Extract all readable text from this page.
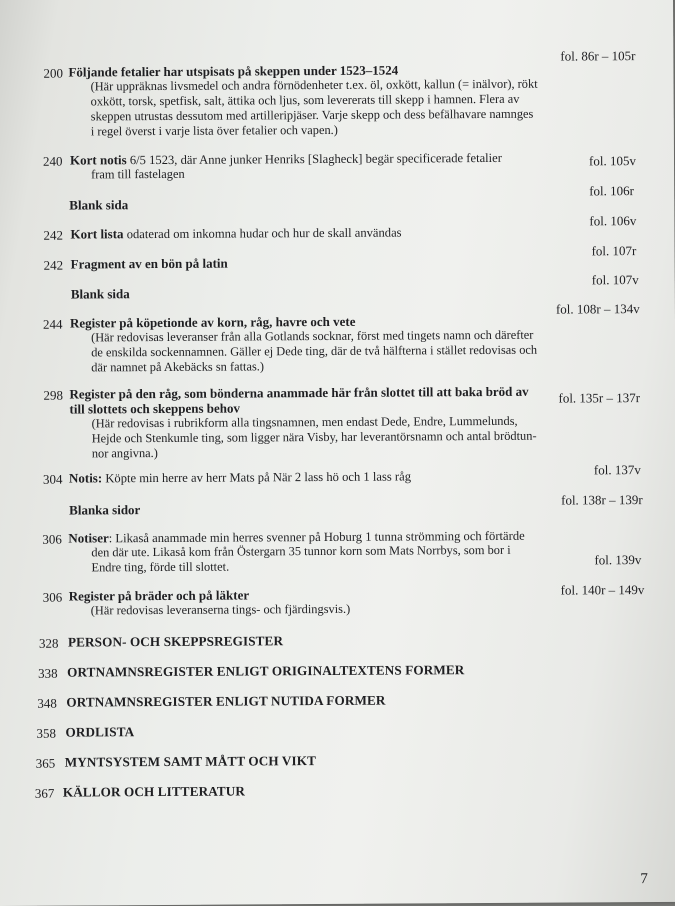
fol. 86r – 105r
200 Följande fetalier har utspisats på skeppen under 1523–1524
(Här uppräknas livsmedel och andra förnödenheter t.ex. öl, oxkött, kallun (= inälvor), rökt
oxkött, torsk, spetfisk, salt, ättika och ljus, som levererats till skepp i hamnen. Flera av
skeppen utrustas dessutom med artilleripjäser. Varje skepp och dess befälhavare namnges
i regel överst i varje lista över fetalier och vapen.)
240 Kort notis 6/5 1523, där Anne junker Henriks [Slagheck] begär specificerade fetalier
fram till fastelagen
fol. 105v
Blank sida
fol. 106r
242 Kort lista odaterad om inkomna hudar och hur de skall användas
fol. 106v
242 Fragment av en bön på latin
fol. 107r
Blank sida
fol. 107v
fol. 108r – 134v
244 Register på köpetionde av korn, råg, havre och vete
(Här redovisas leveranser från alla Gotlands socknar, först med tingets namn och därefter
de enskilda sockennamnen. Gäller ej Dede ting, där de två hälfterna i stället redovisas och
där namnet på Akebäcks sn fattas.)
298 Register på den råg, som bönderna anammade här från slottet till att baka bröd av
till slottets och skeppens behov
fol. 135r – 137r
(Här redovisas i rubrikform alla tingsnamnen, men endast Dede, Endre, Lummelunds,
Hejde och Stenkumle ting, som ligger nära Visby, har leverantörsnamn och antal brödtun-
nor angivna.)
304 Notis: Köpte min herre av herr Mats på När 2 lass hö och 1 lass råg	fol. 137v
Blanka sidor
fol. 138r – 139r
306 Notiser: Likaså anammade min herres svenner på Hoburg 1 tunna strömming och förtärde
den där ute. Likaså kom från Östergarn 35 tunnor korn som Mats Norrbys, som bor i
Endre ting, förde till slottet.	fol. 139v
306 Register på bräder och på läkter
(Här redovisas leveranserna tings- och fjärdingsvis.)
fol. 140r – 149v
328 PERSON- OCH SKEPPSREGISTER
338 ORTNAMNSREGISTER ENLIGT ORIGINALTEXTENS FORMER
348 ORTNAMNSREGISTER ENLIGT NUTIDA FORMER
358 ORDLISTA
365 MYNTSYSTEM SAMT MÅTT OCH VIKT
367 KÄLLOR OCH LITTERATUR
7
